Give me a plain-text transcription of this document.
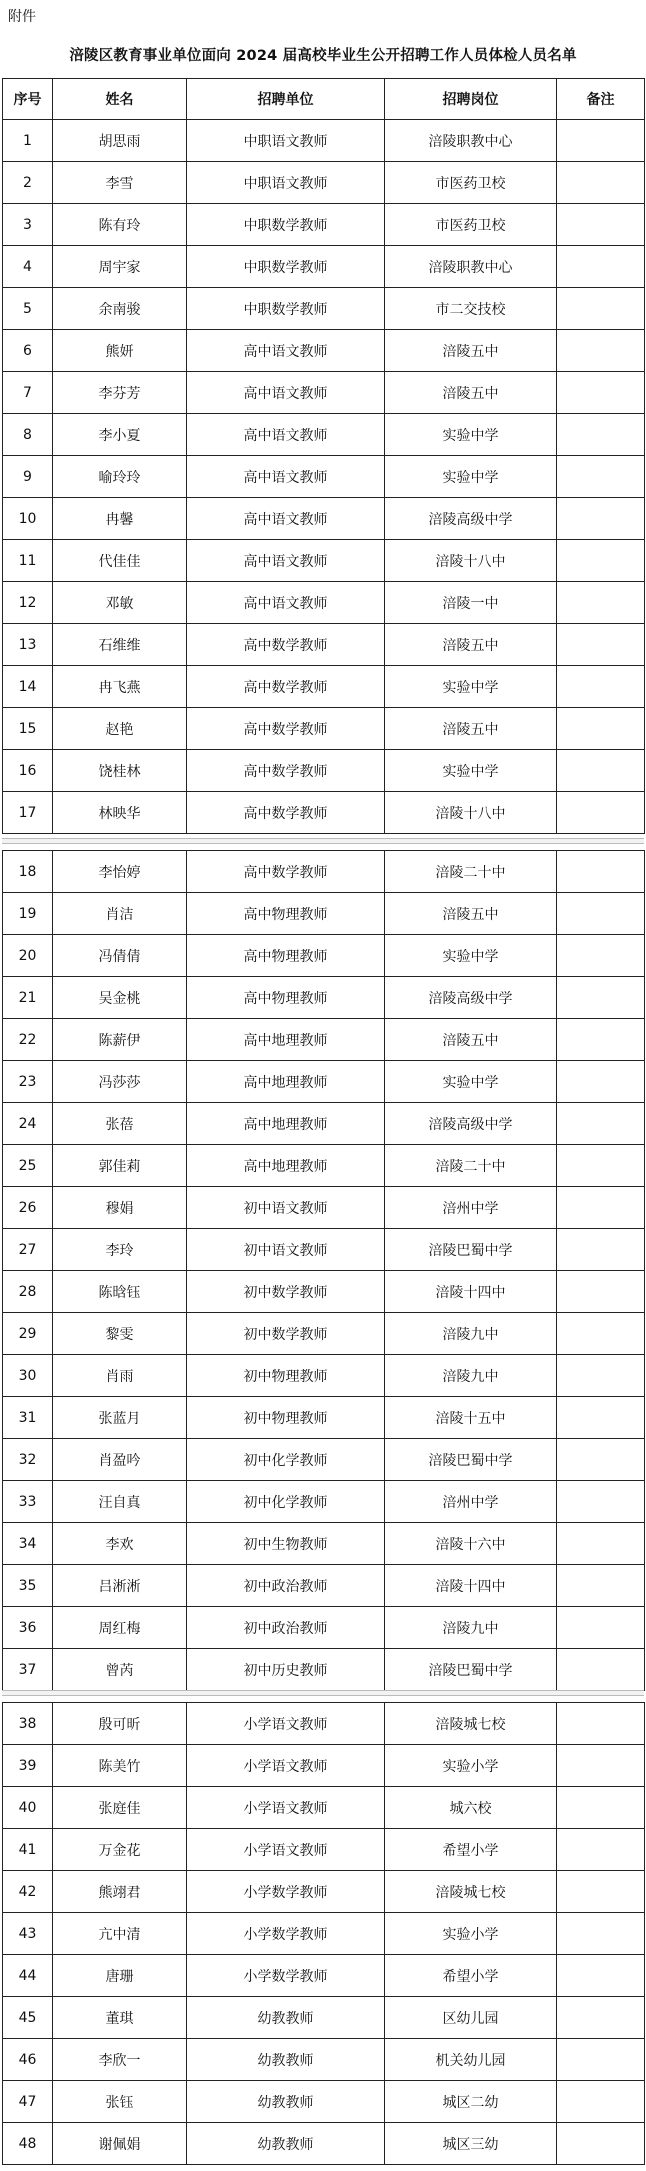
附件
涪陵区教育事业单位面向 2024 届高校毕业生公开招聘工作人员体检人员名单
序号	姓名	招聘单位	招聘岗位	备注
1	胡思雨	中职语文教师	涪陵职教中心	
2	李雪	中职语文教师	市医药卫校	
3	陈有玲	中职数学教师	市医药卫校	
4	周宇家	中职数学教师	涪陵职教中心	
5	余南骏	中职数学教师	市二交技校	
6	熊妍	高中语文教师	涪陵五中	
7	李芬芳	高中语文教师	涪陵五中	
8	李小夏	高中语文教师	实验中学	
9	喻玲玲	高中语文教师	实验中学	
10	冉馨	高中语文教师	涪陵高级中学	
11	代佳佳	高中语文教师	涪陵十八中	
12	邓敏	高中语文教师	涪陵一中	
13	石维维	高中数学教师	涪陵五中	
14	冉飞燕	高中数学教师	实验中学	
15	赵艳	高中数学教师	涪陵五中	
16	饶桂林	高中数学教师	实验中学	
17	林映华	高中数学教师	涪陵十八中	
18	李怡婷	高中数学教师	涪陵二十中	
19	肖洁	高中物理教师	涪陵五中	
20	冯倩倩	高中物理教师	实验中学	
21	吴金桃	高中物理教师	涪陵高级中学	
22	陈薪伊	高中地理教师	涪陵五中	
23	冯莎莎	高中地理教师	实验中学	
24	张蓓	高中地理教师	涪陵高级中学	
25	郭佳莉	高中地理教师	涪陵二十中	
26	穆娟	初中语文教师	涪州中学	
27	李玲	初中语文教师	涪陵巴蜀中学	
28	陈晗钰	初中数学教师	涪陵十四中	
29	黎雯	初中数学教师	涪陵九中	
30	肖雨	初中物理教师	涪陵九中	
31	张蓝月	初中物理教师	涪陵十五中	
32	肖盈吟	初中化学教师	涪陵巴蜀中学	
33	汪自真	初中化学教师	涪州中学	
34	李欢	初中生物教师	涪陵十六中	
35	吕淅淅	初中政治教师	涪陵十四中	
36	周红梅	初中政治教师	涪陵九中	
37	曾芮	初中历史教师	涪陵巴蜀中学	
38	殷可昕	小学语文教师	涪陵城七校	
39	陈美竹	小学语文教师	实验小学	
40	张庭佳	小学语文教师	城六校	
41	万金花	小学语文教师	希望小学	
42	熊翊君	小学数学教师	涪陵城七校	
43	亢中清	小学数学教师	实验小学	
44	唐珊	小学数学教师	希望小学	
45	董琪	幼教教师	区幼儿园	
46	李欣一	幼教教师	机关幼儿园	
47	张钰	幼教教师	城区二幼	
48	谢佩娟	幼教教师	城区三幼	
